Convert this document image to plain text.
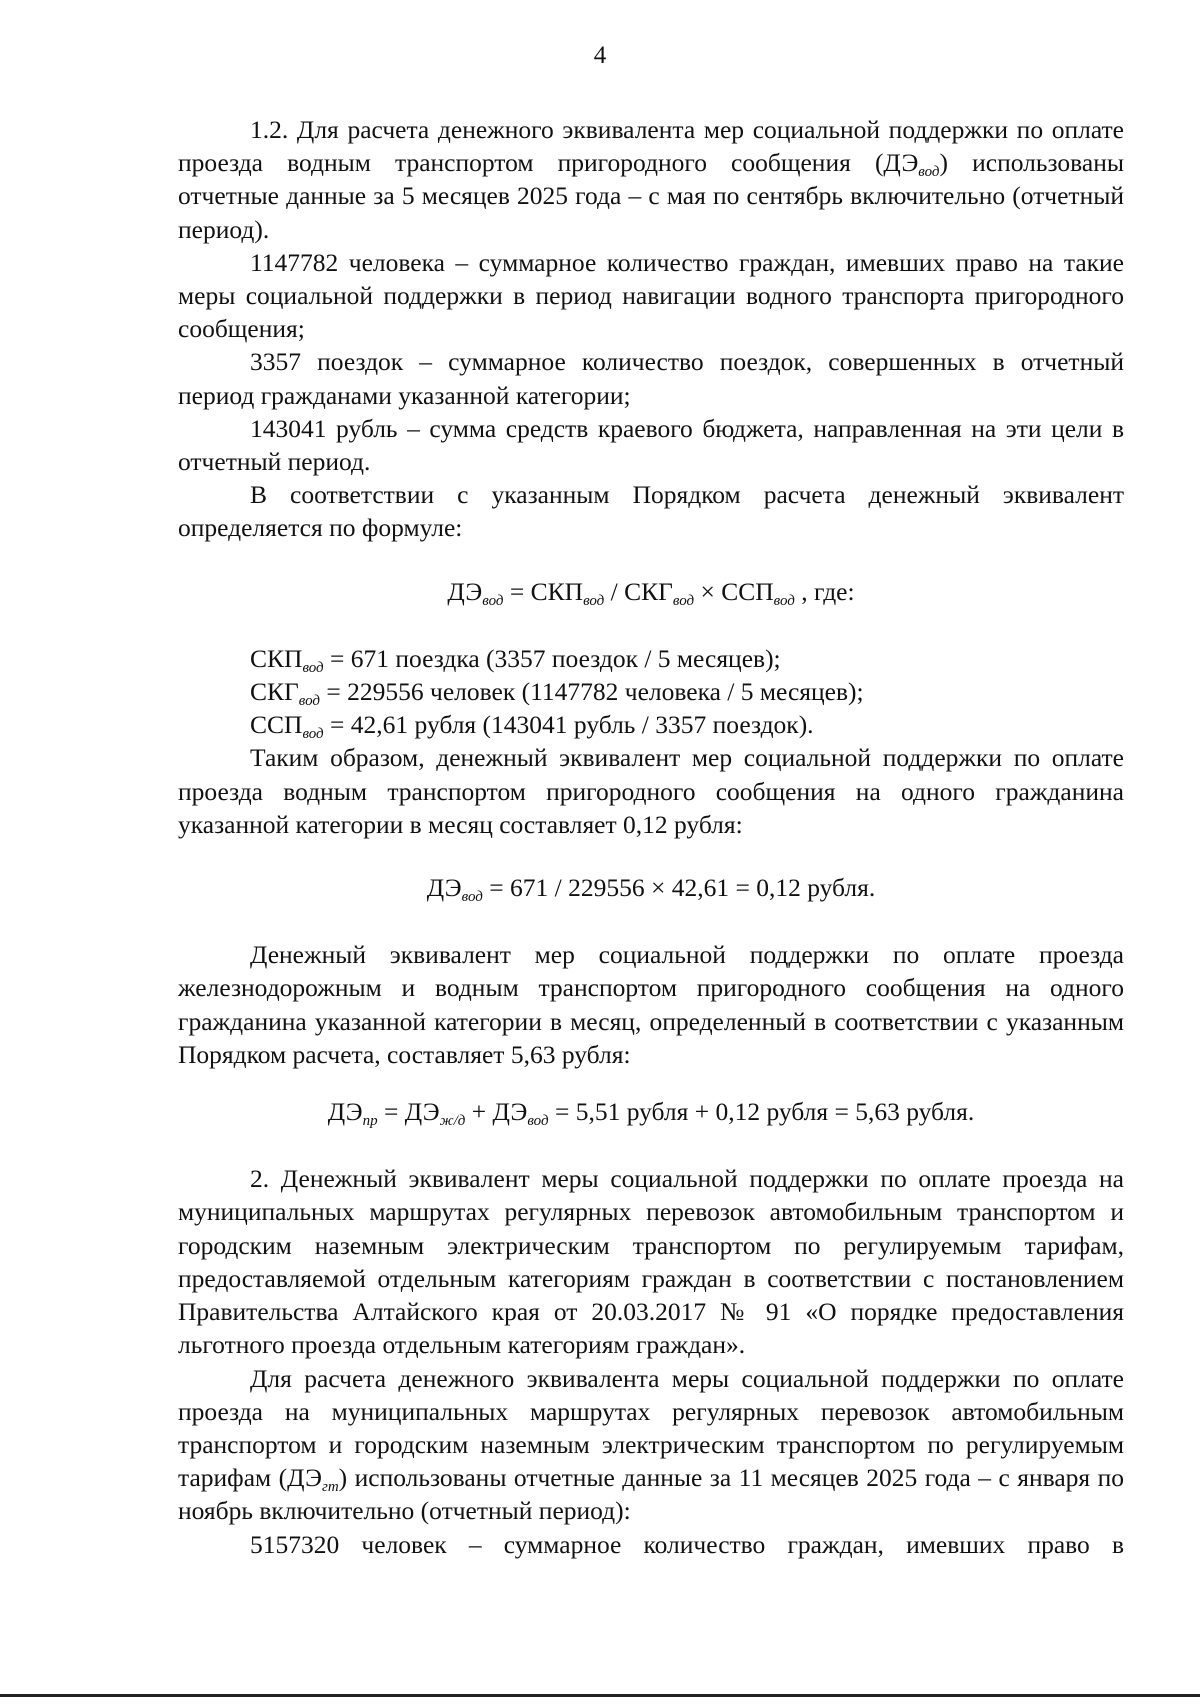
4

1.2. Для расчета денежного эквивалента мер социальной поддержки по оплате проезда водным транспортом пригородного сообщения $(ДЭ_{вод})$ использованы отчетные данные за 5 месяцев 2025 года – с мая по сентябрь включительно (отчетный период).

1147782 человека – суммарное количество граждан, имевших право на такие меры социальной поддержки в период навигации водного транспорта пригородного сообщения;

3357 поездок – суммарное количество поездок, совершенных в отчетный период гражданами указанной категории;

143041 рубль – сумма средств краевого бюджета, направленная на эти цели в отчетный период.

В соответствии с указанным Порядком расчета денежный эквивалент определяется по формуле:

$ДЭ_{вод} = СКП_{вод} / СКГ_{вод} \times ССП_{вод}$ , где:

$СКП_{вод} = 671$ поездка (3357 поездок / 5 месяцев);

$СКГ_{вод} = 229556$ человек (1147782 человека / 5 месяцев);

$ССП_{вод} = 42,61$ рубля (143041 рубль / 3357 поездок).

Таким образом, денежный эквивалент мер социальной поддержки по оплате проезда водным транспортом пригородного сообщения на одного гражданина указанной категории в месяц составляет 0,12 рубля:

$ДЭ_{вод} = 671 / 229556 \times 42,61 = 0,12$ рубля.

Денежный эквивалент мер социальной поддержки по оплате проезда железнодорожным и водным транспортом пригородного сообщения на одного гражданина указанной категории в месяц, определенный в соответствии с указанным Порядком расчета, составляет 5,63 рубля:

$ДЭ_{пр} = ДЭ_{ж/д} + ДЭ_{вод} = 5,51$ рубля + 0,12 рубля = 5,63 рубля.

2. Денежный эквивалент меры социальной поддержки по оплате проезда на муниципальных маршрутах регулярных перевозок автомобильным транспортом и городским наземным электрическим транспортом по регулируемым тарифам, предоставляемой отдельным категориям граждан в соответствии с постановлением Правительства Алтайского края от 20.03.2017 № 91 «О порядке предоставления льготного проезда отдельным категориям граждан».

Для расчета денежного эквивалента меры социальной поддержки по оплате проезда на муниципальных маршрутах регулярных перевозок автомобильным транспортом и городским наземным электрическим транспортом по регулируемым тарифам $(ДЭ_{гт})$ использованы отчетные данные за 11 месяцев 2025 года – с января по ноябрь включительно (отчетный период):

5157320 человек – суммарное количество граждан, имевших право в
